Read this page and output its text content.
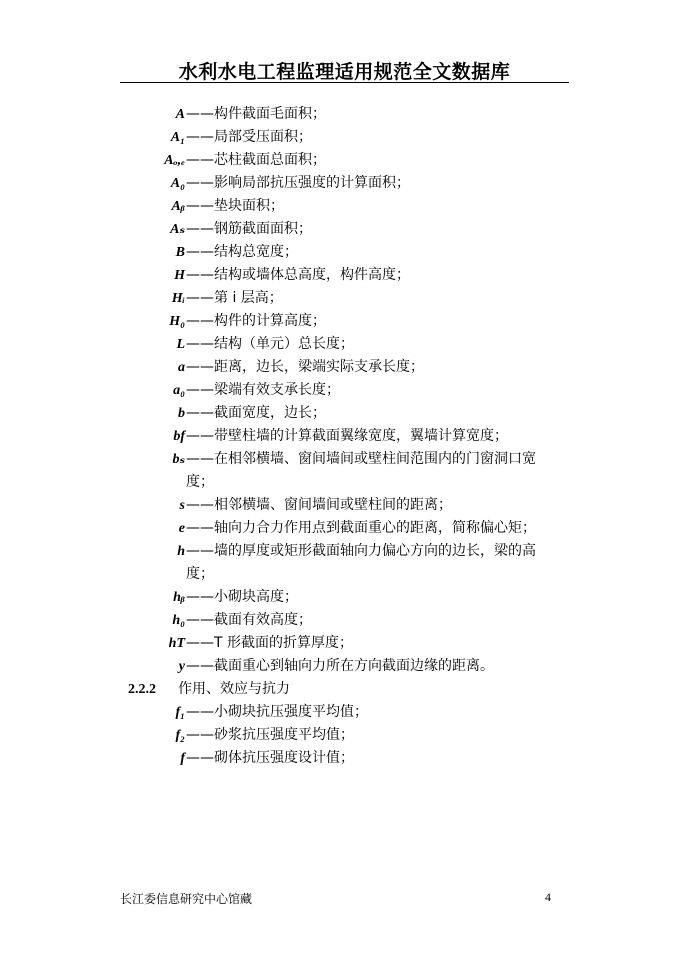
水利水电工程监理适用规范全文数据库
A ——构件截面毛面积；
A₁ ——局部受压面积；
Aₒ,ₑ ——芯柱截面总面积；
A₀ ——影响局部抗压强度的计算面积；
Aᵦ ——垫块面积；
Aₛ ——钢筋截面面积；
B ——结构总宽度；
H ——结构或墙体总高度，构件高度；
Hᵢ ——第 i 层高；
H₀ ——构件的计算高度；
L ——结构（单元）总长度；
a ——距离，边长，梁端实际支承长度；
a₀ ——梁端有效支承长度；
b ——截面宽度，边长；
bf ——带壁柱墙的计算截面翼缘宽度，翼墙计算宽度；
bₛ ——在相邻横墙、窗间墙间或壁柱间范围内的门窗洞口宽
度；
s ——相邻横墙、窗间墙间或壁柱间的距离；
e ——轴向力合力作用点到截面重心的距离，简称偏心矩；
h ——墙的厚度或矩形截面轴向力偏心方向的边长，梁的高
度；
hᵦ ——小砌块高度；
h₀ ——截面有效高度；
hT ——T 形截面的折算厚度；
y ——截面重心到轴向力所在方向截面边缘的距离。
2.2.2 作用、效应与抗力
f₁ ——小砌块抗压强度平均值；
f₂ ——砂浆抗压强度平均值；
f ——砌体抗压强度设计值；
长江委信息研究中心馆藏	4
